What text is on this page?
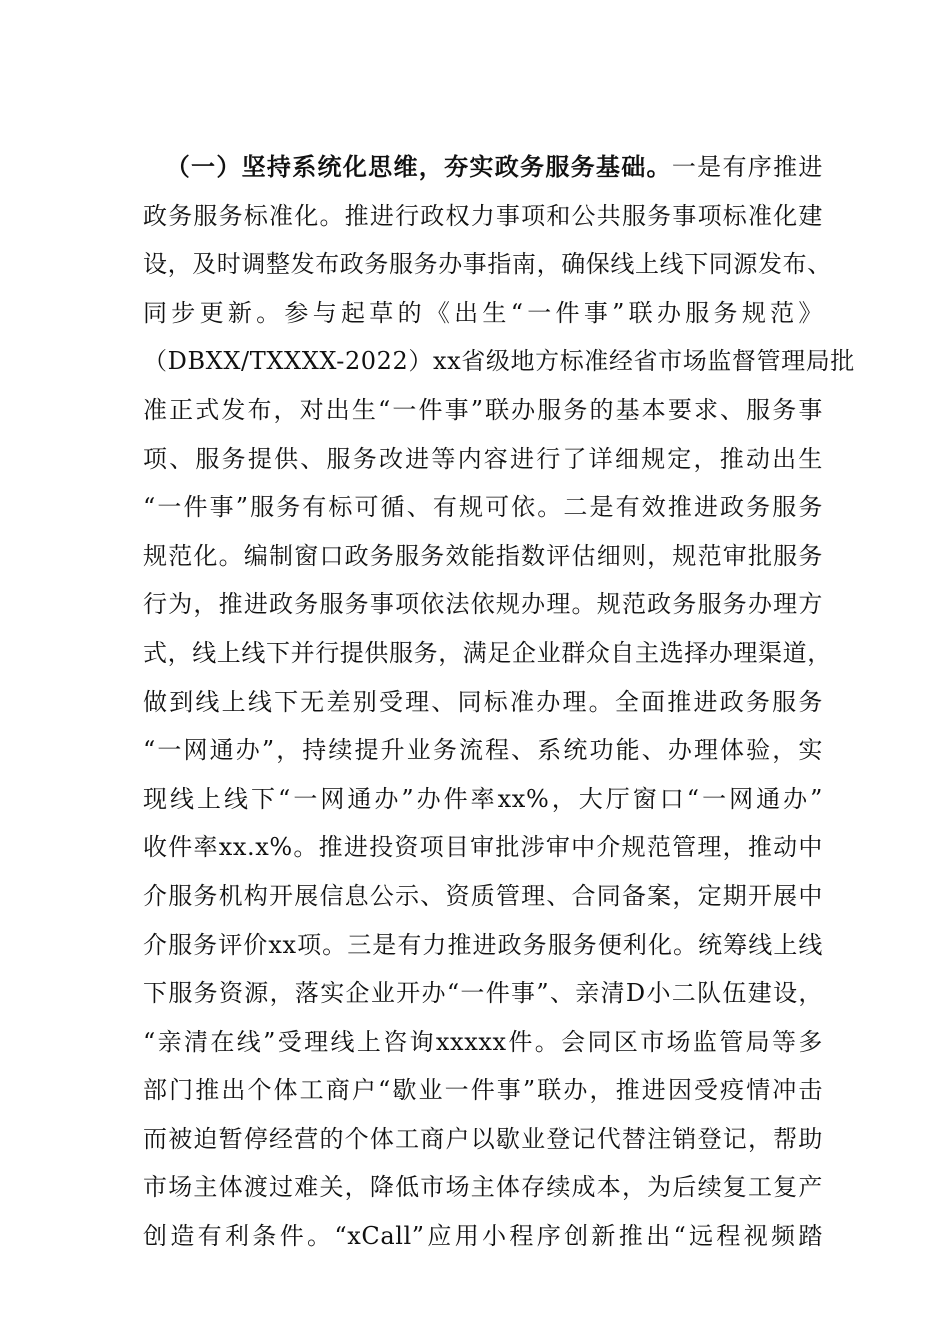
（一）坚持系统化思维，夯实政务服务基础。一是有序推进
政务服务标准化。推进行政权力事项和公共服务事项标准化建
设，及时调整发布政务服务办事指南，确保线上线下同源发布、
同步更新。参与起草的《出生“一件事”联办服务规范》
（DBXX/TXXXX-2022）xx省级地方标准经省市场监督管理局批
准正式发布，对出生“一件事”联办服务的基本要求、服务事
项、服务提供、服务改进等内容进行了详细规定，推动出生
“一件事”服务有标可循、有规可依。二是有效推进政务服务
规范化。编制窗口政务服务效能指数评估细则，规范审批服务
行为，推进政务服务事项依法依规办理。规范政务服务办理方
式，线上线下并行提供服务，满足企业群众自主选择办理渠道，
做到线上线下无差别受理、同标准办理。全面推进政务服务
“一网通办”，持续提升业务流程、系统功能、办理体验，实
现线上线下“一网通办”办件率xx%，大厅窗口“一网通办”
收件率xx.x%。推进投资项目审批涉审中介规范管理，推动中
介服务机构开展信息公示、资质管理、合同备案，定期开展中
介服务评价xx项。三是有力推进政务服务便利化。统筹线上线
下服务资源，落实企业开办“一件事”、亲清D小二队伍建设，
“亲清在线”受理线上咨询xxxxx件。会同区市场监管局等多
部门推出个体工商户“歇业一件事”联办，推进因受疫情冲击
而被迫暂停经营的个体工商户以歇业登记代替注销登记，帮助
市场主体渡过难关，降低市场主体存续成本，为后续复工复产
创造有利条件。“xCall”应用小程序创新推出“远程视频踏
